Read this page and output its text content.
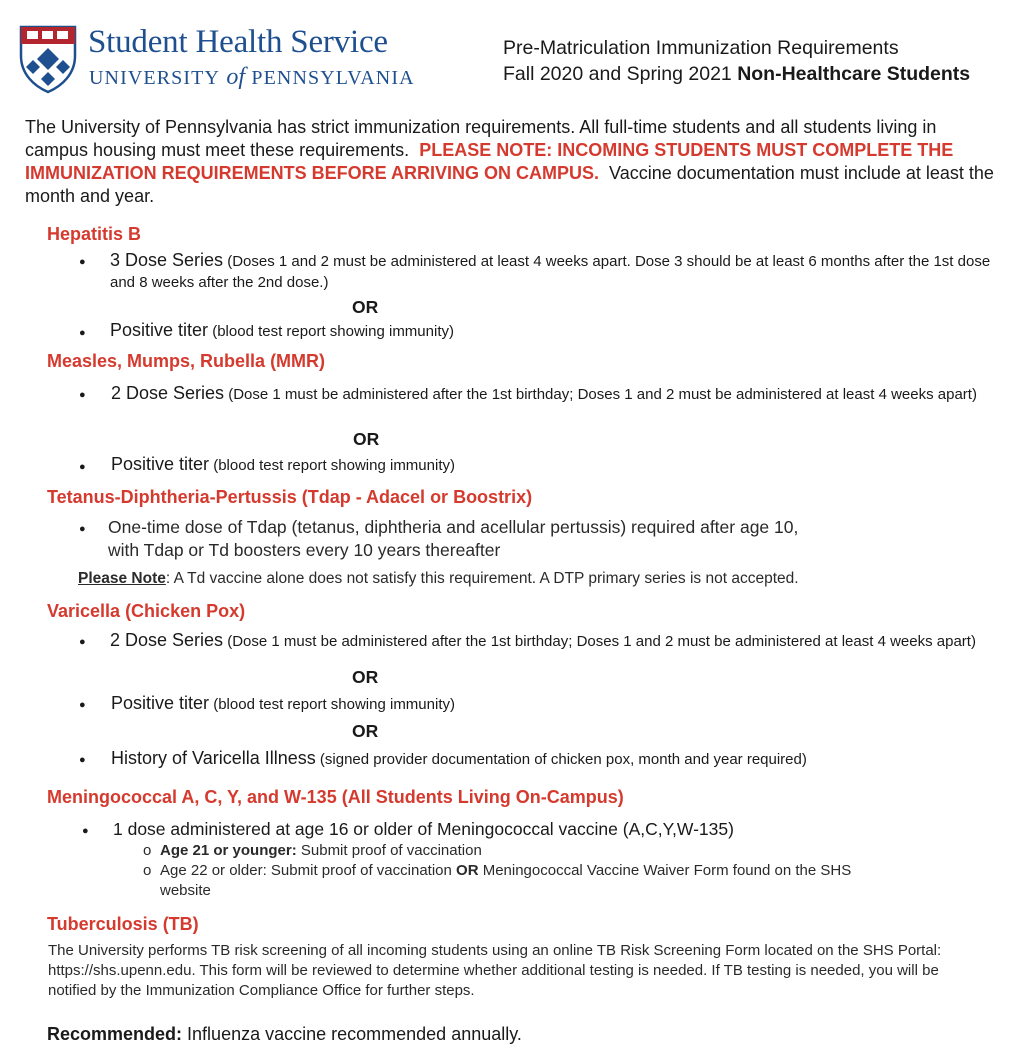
Student Health Service
UNIVERSITY of PENNSYLVANIA
Pre-Matriculation Immunization Requirements
Fall 2020 and Spring 2021 Non-Healthcare Students
The University of Pennsylvania has strict immunization requirements. All full-time students and all students living in campus housing must meet these requirements. PLEASE NOTE: INCOMING STUDENTS MUST COMPLETE THE IMMUNIZATION REQUIREMENTS BEFORE ARRIVING ON CAMPUS. Vaccine documentation must include at least the month and year.
Hepatitis B
● 3 Dose Series (Doses 1 and 2 must be administered at least 4 weeks apart. Dose 3 should be at least 6 months after the 1st dose and 8 weeks after the 2nd dose.)
OR
● Positive titer (blood test report showing immunity)
Measles, Mumps, Rubella (MMR)
● 2 Dose Series (Dose 1 must be administered after the 1st birthday; Doses 1 and 2 must be administered at least 4 weeks apart)
OR
● Positive titer (blood test report showing immunity)
Tetanus-Diphtheria-Pertussis (Tdap - Adacel or Boostrix)
● One-time dose of Tdap (tetanus, diphtheria and acellular pertussis) required after age 10, with Tdap or Td boosters every 10 years thereafter
Please Note: A Td vaccine alone does not satisfy this requirement. A DTP primary series is not accepted.
Varicella (Chicken Pox)
● 2 Dose Series (Dose 1 must be administered after the 1st birthday; Doses 1 and 2 must be administered at least 4 weeks apart)
OR
● Positive titer (blood test report showing immunity)
OR
● History of Varicella Illness (signed provider documentation of chicken pox, month and year required)
Meningococcal A, C, Y, and W-135 (All Students Living On-Campus)
● 1 dose administered at age 16 or older of Meningococcal vaccine (A,C,Y,W-135)
o Age 21 or younger: Submit proof of vaccination
o Age 22 or older: Submit proof of vaccination OR Meningococcal Vaccine Waiver Form found on the SHS website
Tuberculosis (TB)
The University performs TB risk screening of all incoming students using an online TB Risk Screening Form located on the SHS Portal: https://shs.upenn.edu. This form will be reviewed to determine whether additional testing is needed. If TB testing is needed, you will be notified by the Immunization Compliance Office for further steps.
Recommended: Influenza vaccine recommended annually.
